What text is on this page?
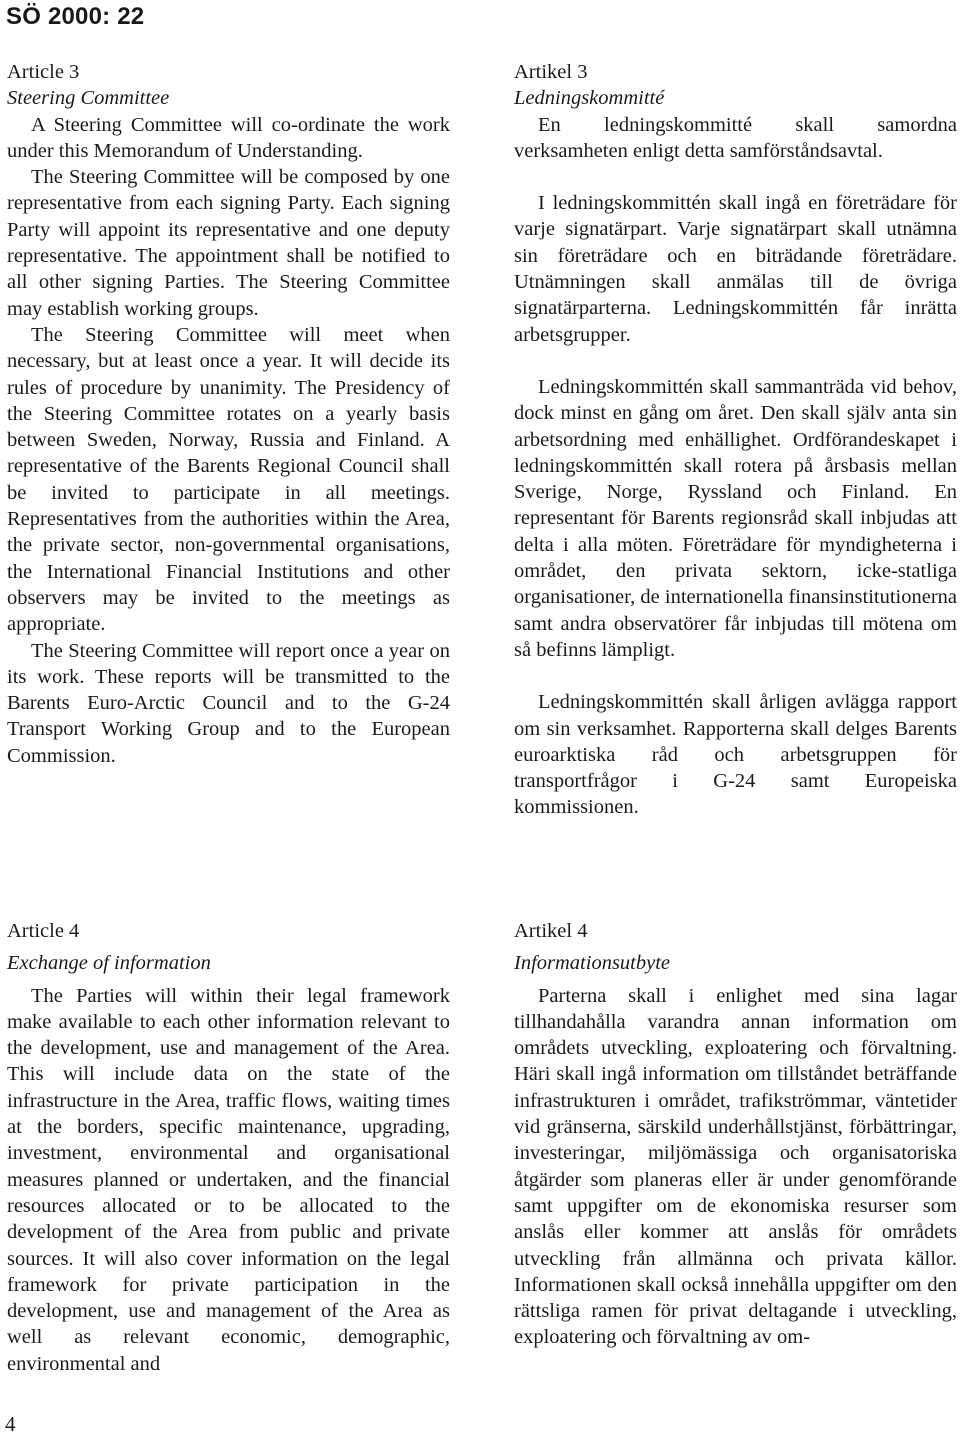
SÖ 2000: 22
Article 3
Steering Committee

A Steering Committee will co-ordinate the work under this Memorandum of Understanding.

The Steering Committee will be composed by one representative from each signing Party. Each signing Party will appoint its representative and one deputy representative. The appointment shall be notified to all other signing Parties. The Steering Committee may establish working groups.

The Steering Committee will meet when necessary, but at least once a year. It will decide its rules of procedure by unanimity. The Presidency of the Steering Committee rotates on a yearly basis between Sweden, Norway, Russia and Finland. A representative of the Barents Regional Council shall be invited to participate in all meetings. Representatives from the authorities within the Area, the private sector, non-governmental organisations, the International Financial Institutions and other observers may be invited to the meetings as appropriate.

The Steering Committee will report once a year on its work. These reports will be transmitted to the Barents Euro-Arctic Council and to the G-24 Transport Working Group and to the European Commission.

Artikel 3
Ledningskommitté

En ledningskommitté skall samordna verksamheten enligt detta samförståndsavtal.

I ledningskommittén skall ingå en företrädare för varje signatärpart. Varje signatärpart skall utnämna sin företrädare och en biträdande företrädare. Utnämningen skall anmälas till de övriga signatärparterna. Ledningskommittén får inrätta arbetsgrupper.

Ledningskommittén skall sammanträda vid behov, dock minst en gång om året. Den skall själv anta sin arbetsordning med enhällighet. Ordförandeskapet i ledningskommittén skall rotera på årsbasis mellan Sverige, Norge, Ryssland och Finland. En representant för Barents regionsråd skall inbjudas att delta i alla möten. Företrädare för myndigheterna i området, den privata sektorn, icke-statliga organisationer, de internationella finansinstitutionerna samt andra observatörer får inbjudas till mötena om så befinns lämpligt.

Ledningskommittén skall årligen avlägga rapport om sin verksamhet. Rapporterna skall delges Barents euroarktiska råd och arbetsgruppen för transportfrågor i G-24 samt Europeiska kommissionen.

Article 4
Exchange of information

The Parties will within their legal framework make available to each other information relevant to the development, use and management of the Area. This will include data on the state of the infrastructure in the Area, traffic flows, waiting times at the borders, specific maintenance, upgrading, investment, environmental and organisational measures planned or undertaken, and the financial resources allocated or to be allocated to the development of the Area from public and private sources. It will also cover information on the legal framework for private participation in the development, use and management of the Area as well as relevant economic, demographic, environmental and

Artikel 4
Informationsutbyte

Parterna skall i enlighet med sina lagar tillhandahålla varandra annan information om områdets utveckling, exploatering och förvaltning. Häri skall ingå information om tillståndet beträffande infrastrukturen i området, trafikströmmar, väntetider vid gränserna, särskild underhållstjänst, förbättringar, investeringar, miljömässiga och organisatoriska åtgärder som planeras eller är under genomförande samt uppgifter om de ekonomiska resurser som anslås eller kommer att anslås för områdets utveckling från allmänna och privata källor. Informationen skall också innehålla uppgifter om den rättsliga ramen för privat deltagande i utveckling, exploatering och förvaltning av om-

4
